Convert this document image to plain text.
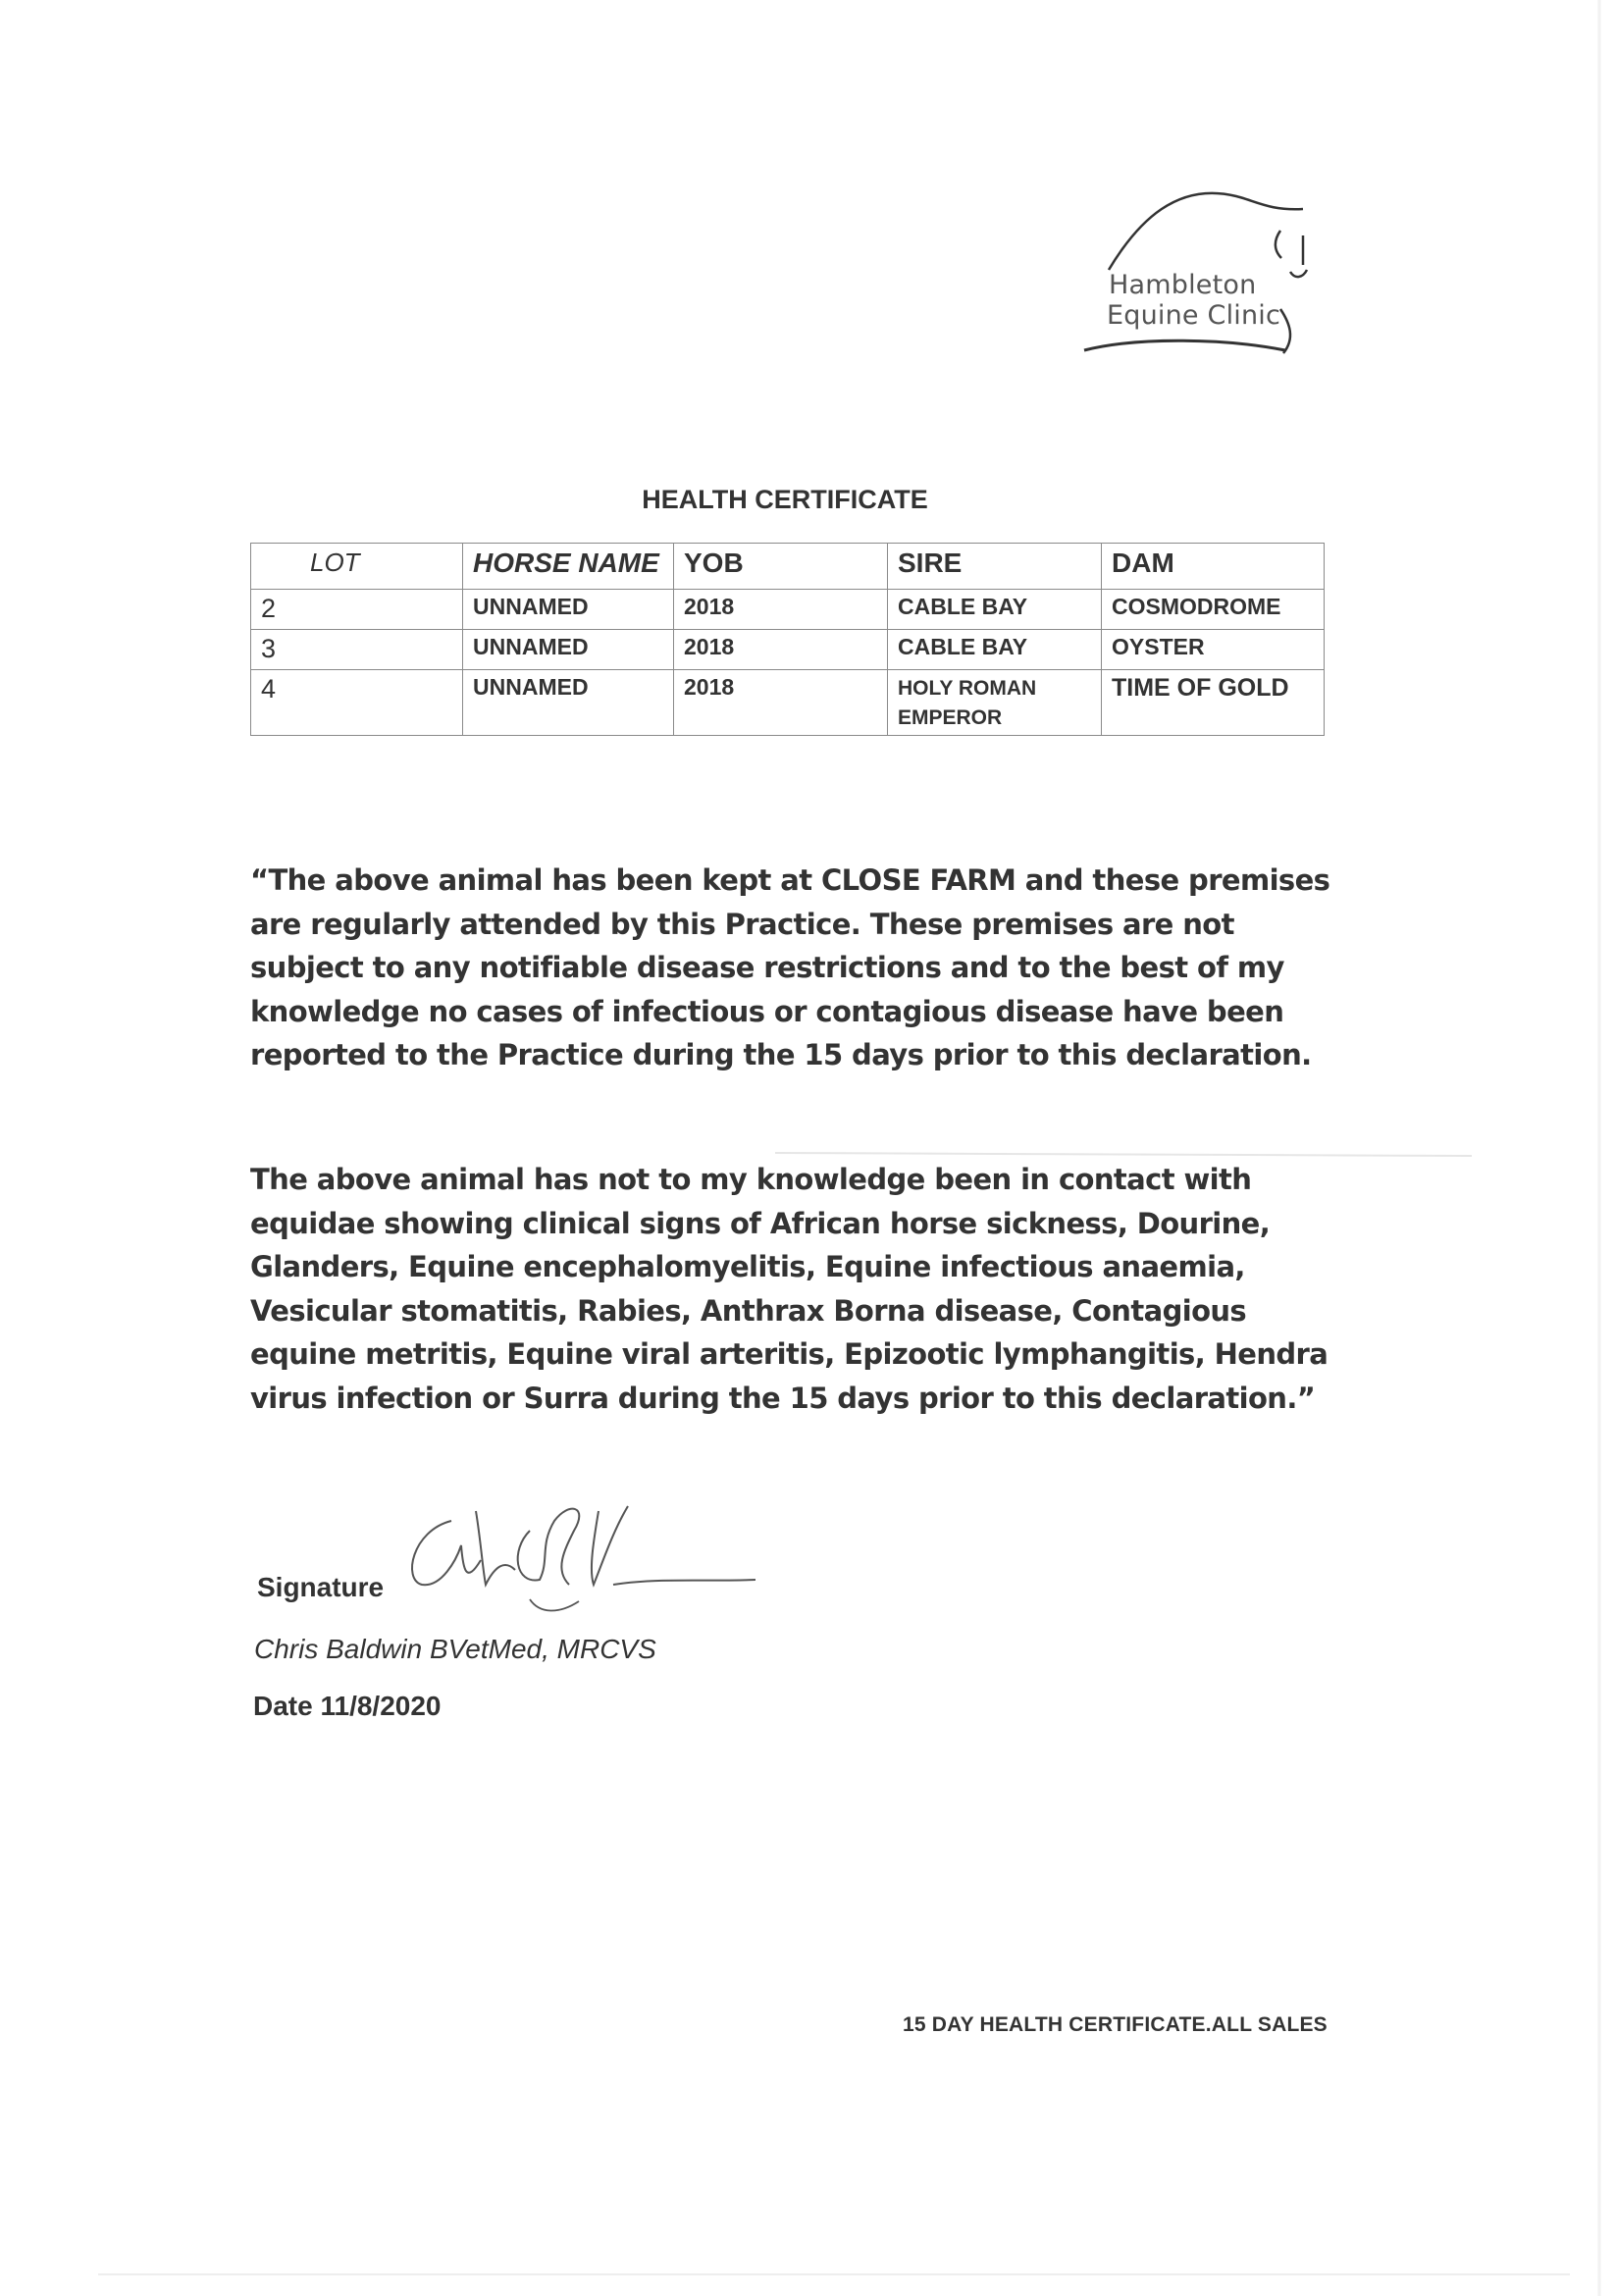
Hambleton
Equine Clinic
HEALTH CERTIFICATE
LOT	HORSE NAME	YOB	SIRE	DAM
2	UNNAMED	2018	CABLE BAY	COSMODROME
3	UNNAMED	2018	CABLE BAY	OYSTER
4	UNNAMED	2018	HOLY ROMAN EMPEROR	TIME OF GOLD
“The above animal has been kept at CLOSE FARM and these premises are regularly attended by this Practice. These premises are not subject to any notifiable disease restrictions and to the best of my knowledge no cases of infectious or contagious disease have been reported to the Practice during the 15 days prior to this declaration.
The above animal has not to my knowledge been in contact with equidae showing clinical signs of African horse sickness, Dourine, Glanders, Equine encephalomyelitis, Equine infectious anaemia, Vesicular stomatitis, Rabies, Anthrax Borna disease, Contagious equine metritis, Equine viral arteritis, Epizootic lymphangitis, Hendra virus infection or Surra during the 15 days prior to this declaration.”
Signature
Chris Baldwin BVetMed, MRCVS
Date 11/8/2020
15 DAY HEALTH CERTIFICATE.ALL SALES
